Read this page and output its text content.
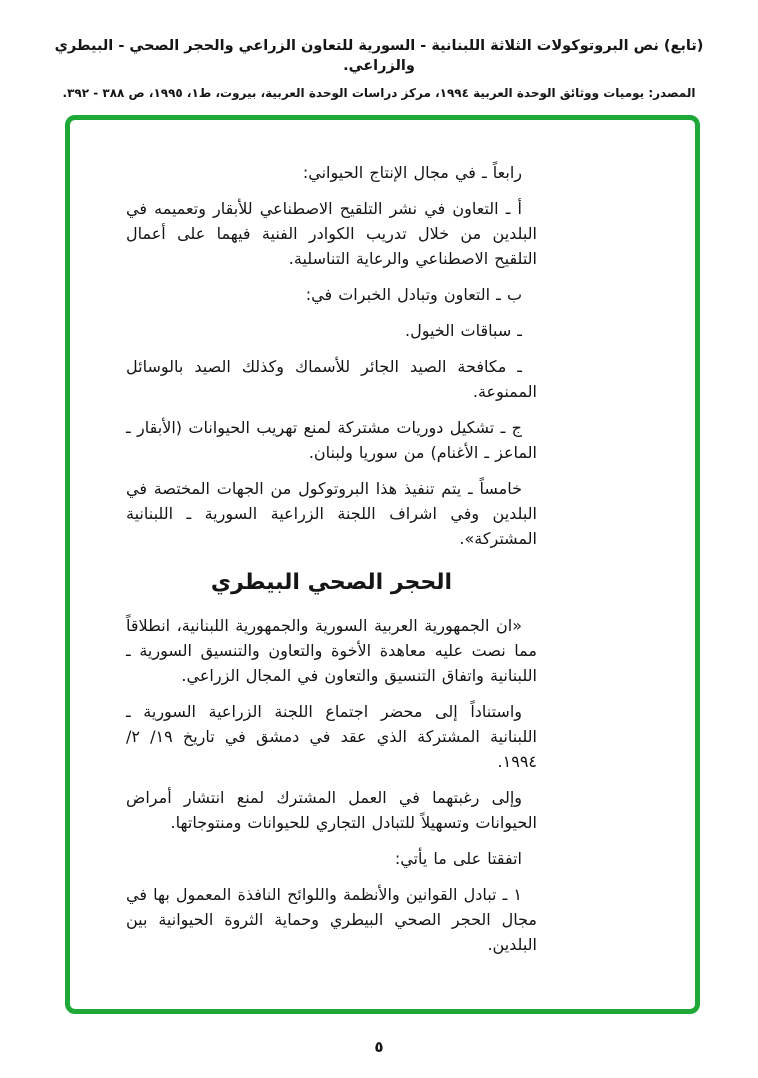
(تابع) نص البروتوكولات الثلاثة اللبنانية - السورية للتعاون الزراعي والحجر الصحي - البيطري والزراعي.
المصدر: يوميات ووثائق الوحدة العربية ١٩٩٤، مركز دراسات الوحدة العربية، بيروت، ط١، ١٩٩٥، ص ٣٨٨ - ٣٩٢.

رابعاً ـ في مجال الإنتاج الحيواني:

أ ـ التعاون في نشر التلقيح الاصطناعي للأبقار وتعميمه في البلدين من خلال تدريب الكوادر الفنية فيهما على أعمال التلقيح الاصطناعي والرعاية التناسلية.

ب ـ التعاون وتبادل الخبرات في:

ـ سباقات الخيول.

ـ مكافحة الصيد الجائر للأسماك وكذلك الصيد بالوسائل الممنوعة.

ج ـ تشكيل دوريات مشتركة لمنع تهريب الحيوانات (الأبقار ـ الماعز ـ الأغنام) من سوريا ولبنان.

خامساً ـ يتم تنفيذ هذا البروتوكول من الجهات المختصة في البلدين وفي اشراف اللجنة الزراعية السورية ـ اللبنانية المشتركة».

الحجر الصحي البيطري

«ان الجمهورية العربية السورية والجمهورية اللبنانية، انطلاقاً مما نصت عليه معاهدة الأخوة والتعاون والتنسيق السورية ـ اللبنانية واتفاق التنسيق والتعاون في المجال الزراعي.

واستناداً إلى محضر اجتماع اللجنة الزراعية السورية ـ اللبنانية المشتركة الذي عقد في دمشق في تاريخ ١٩/ ٢/ ١٩٩٤.

وإلى رغبتهما في العمل المشترك لمنع انتشار أمراض الحيوانات وتسهيلاً للتبادل التجاري للحيوانات ومنتوجاتها.

اتفقتا على ما يأتي:

١ ـ تبادل القوانين والأنظمة واللوائح النافذة المعمول بها في مجال الحجر الصحي البيطري وحماية الثروة الحيوانية بين البلدين.

٥
